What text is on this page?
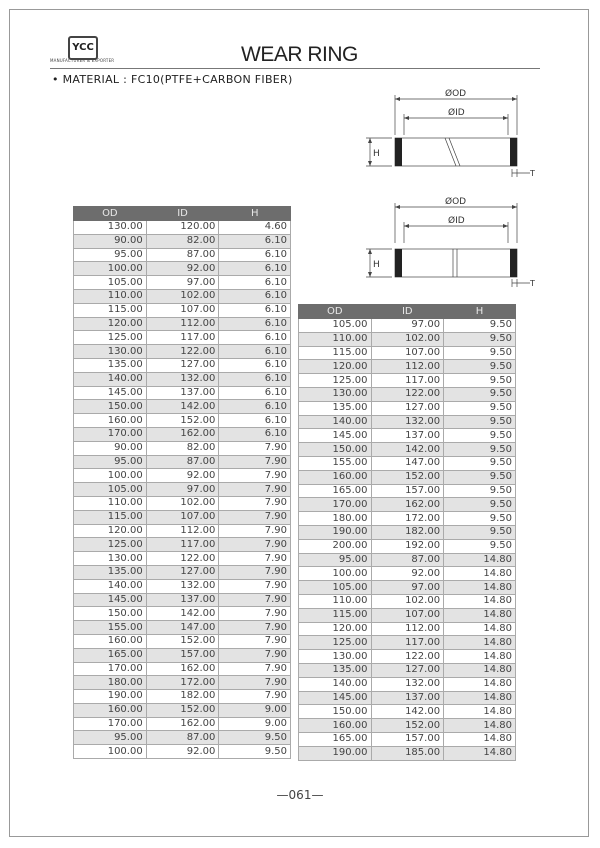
YCC
MANUFACTURER & EXPORTER	WEAR RING
• MATERIAL : FC10(PTFE+CARBON FIBER)
ØOD
ØID
H
T
ØOD
ØID
H
T
OD	ID	H
130.00	120.00	4.60
90.00	82.00	6.10
95.00	87.00	6.10
100.00	92.00	6.10
105.00	97.00	6.10
110.00	102.00	6.10
115.00	107.00	6.10
120.00	112.00	6.10
125.00	117.00	6.10
130.00	122.00	6.10
135.00	127.00	6.10
140.00	132.00	6.10
145.00	137.00	6.10
150.00	142.00	6.10
160.00	152.00	6.10
170.00	162.00	6.10
90.00	82.00	7.90
95.00	87.00	7.90
100.00	92.00	7.90
105.00	97.00	7.90
110.00	102.00	7.90
115.00	107.00	7.90
120.00	112.00	7.90
125.00	117.00	7.90
130.00	122.00	7.90
135.00	127.00	7.90
140.00	132.00	7.90
145.00	137.00	7.90
150.00	142.00	7.90
155.00	147.00	7.90
160.00	152.00	7.90
165.00	157.00	7.90
170.00	162.00	7.90
180.00	172.00	7.90
190.00	182.00	7.90
160.00	152.00	9.00
170.00	162.00	9.00
95.00	87.00	9.50
100.00	92.00	9.50
OD	ID	H
105.00	97.00	9.50
110.00	102.00	9.50
115.00	107.00	9.50
120.00	112.00	9.50
125.00	117.00	9.50
130.00	122.00	9.50
135.00	127.00	9.50
140.00	132.00	9.50
145.00	137.00	9.50
150.00	142.00	9.50
155.00	147.00	9.50
160.00	152.00	9.50
165.00	157.00	9.50
170.00	162.00	9.50
180.00	172.00	9.50
190.00	182.00	9.50
200.00	192.00	9.50
95.00	87.00	14.80
100.00	92.00	14.80
105.00	97.00	14.80
110.00	102.00	14.80
115.00	107.00	14.80
120.00	112.00	14.80
125.00	117.00	14.80
130.00	122.00	14.80
135.00	127.00	14.80
140.00	132.00	14.80
145.00	137.00	14.80
150.00	142.00	14.80
160.00	152.00	14.80
165.00	157.00	14.80
190.00	185.00	14.80
—061—
